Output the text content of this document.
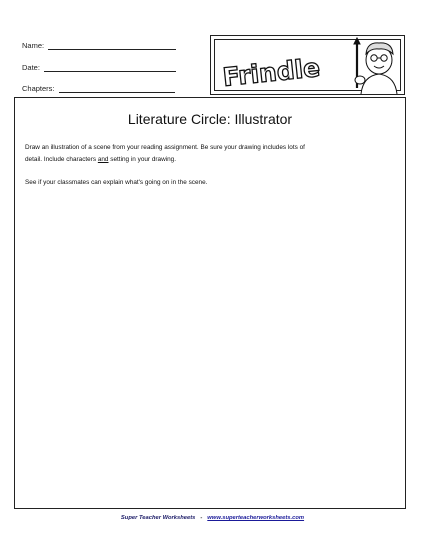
Name:
Date:
Chapters:	Frindle
Literature Circle: Illustrator
Draw an illustration of a scene from your reading assignment. Be sure your drawing includes lots of
detail. Include characters and setting in your drawing.
See if your classmates can explain what's going on in the scene.
Super Teacher Worksheets - www.superteacherworksheets.com
